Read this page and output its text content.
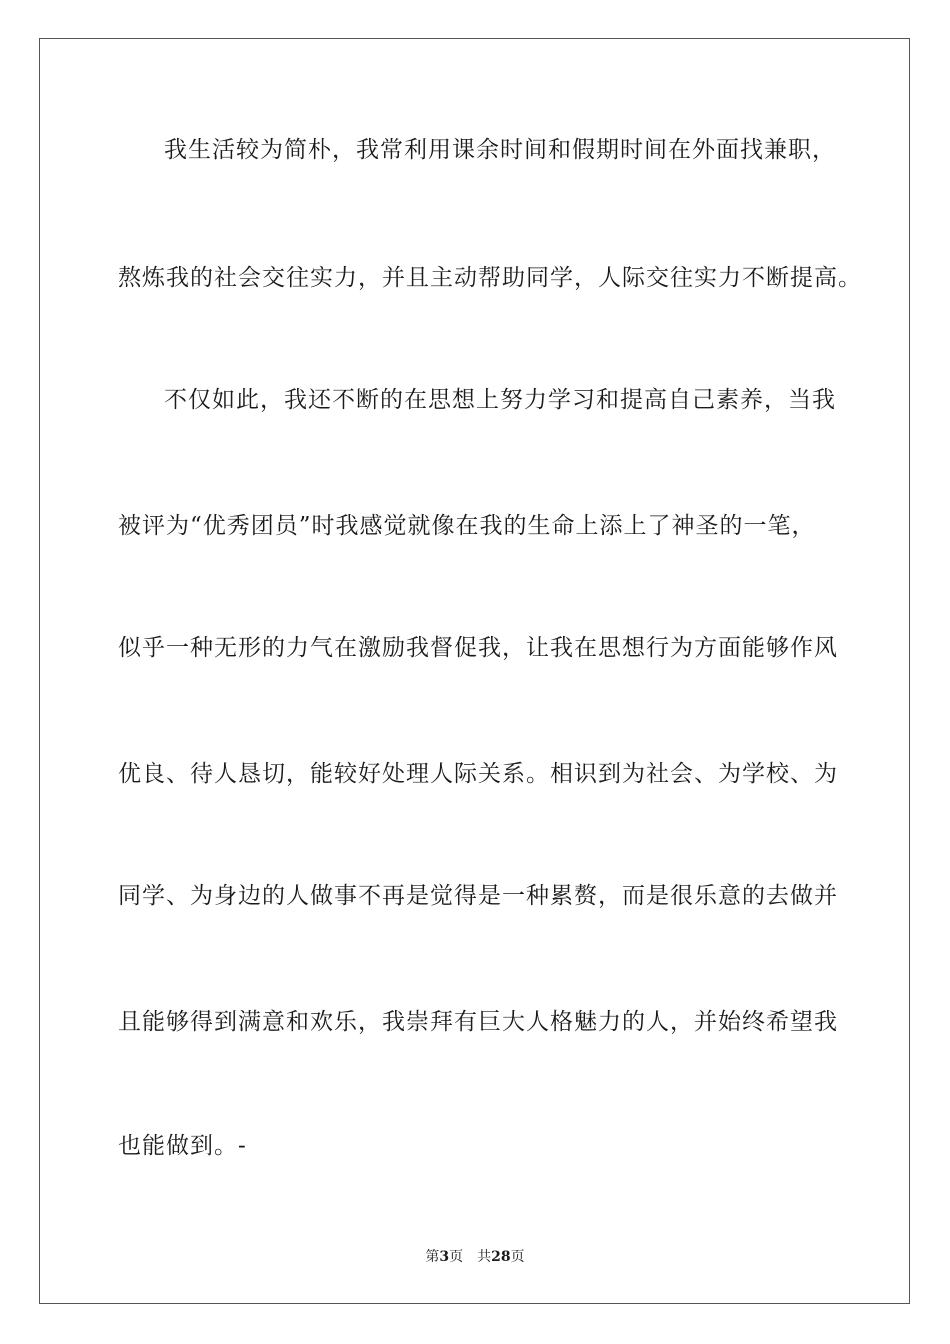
我生活较为简朴，我常利用课余时间和假期时间在外面找兼职，
熬炼我的社会交往实力，并且主动帮助同学，人际交往实力不断提高。
不仅如此，我还不断的在思想上努力学习和提高自己素养，当我
被评为“优秀团员”时我感觉就像在我的生命上添上了神圣的一笔，
似乎一种无形的力气在激励我督促我，让我在思想行为方面能够作风
优良、待人恳切，能较好处理人际关系。相识到为社会、为学校、为
同学、为身边的人做事不再是觉得是一种累赘，而是很乐意的去做并
且能够得到满意和欢乐，我崇拜有巨大人格魅力的人，并始终希望我
也能做到。-
第3页 共28页
